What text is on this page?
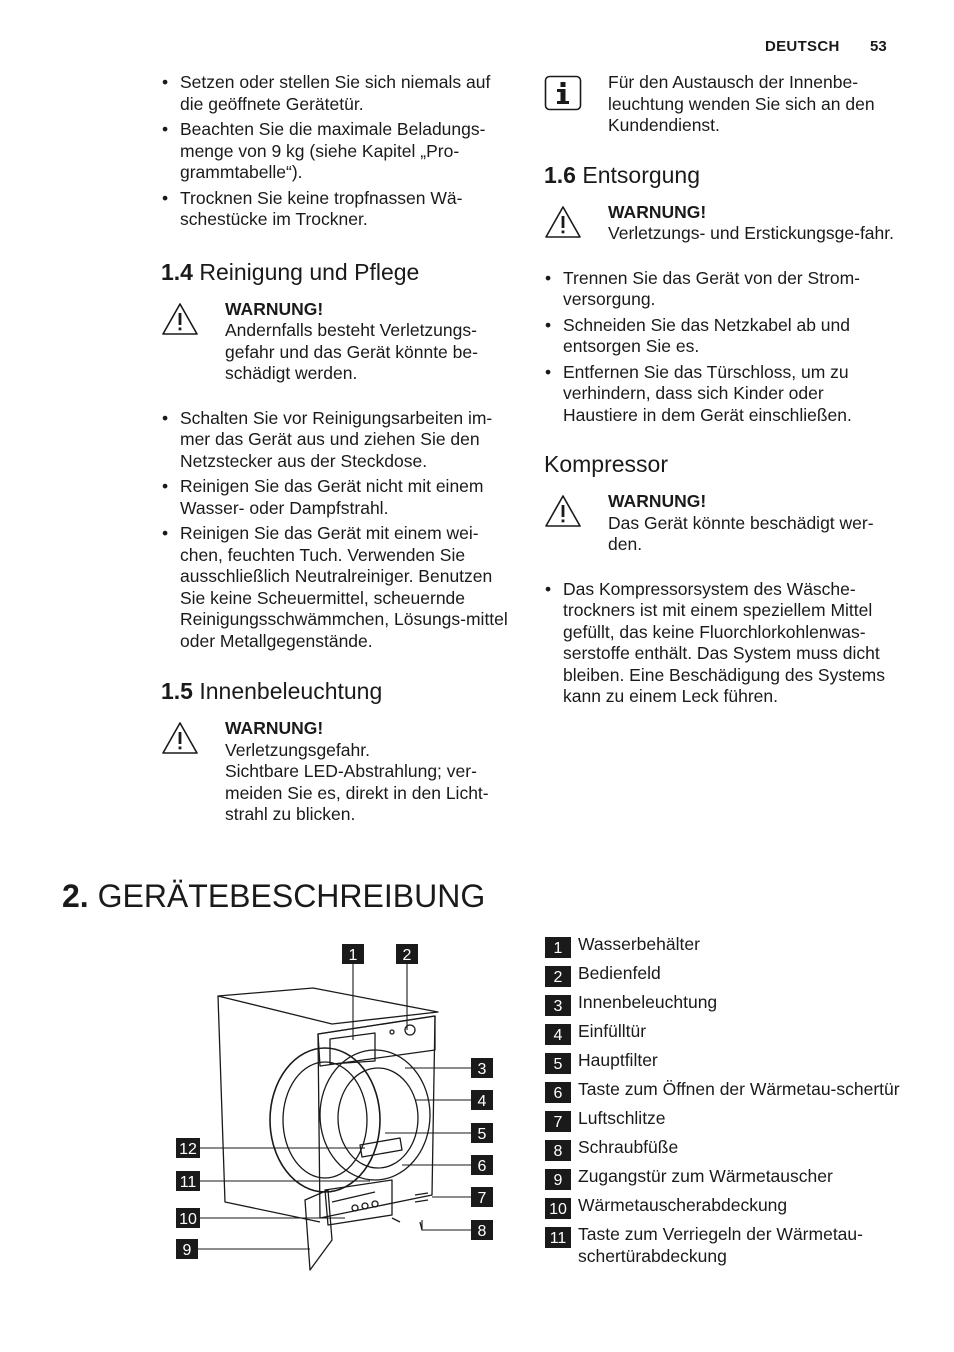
DEUTSCH 53
• Setzen oder stellen Sie sich niemals auf die geöffnete Gerätetür.
• Beachten Sie die maximale Beladungs-menge von 9 kg (siehe Kapitel „Pro-grammtabelle“).
• Trocknen Sie keine tropfnassen Wä-schestücke im Trockner.
1.4 Reinigung und Pflege
WARNUNG!
Andernfalls besteht Verletzungs-gefahr und das Gerät könnte be-schädigt werden.
• Schalten Sie vor Reinigungsarbeiten im-mer das Gerät aus und ziehen Sie den Netzstecker aus der Steckdose.
• Reinigen Sie das Gerät nicht mit einem Wasser- oder Dampfstrahl.
• Reinigen Sie das Gerät mit einem wei-chen, feuchten Tuch. Verwenden Sie ausschließlich Neutralreiniger. Benutzen Sie keine Scheuermittel, scheuernde Reinigungsschwämmchen, Lösungs-mittel oder Metallgegenstände.
1.5 Innenbeleuchtung
WARNUNG!
Verletzungsgefahr.
Sichtbare LED-Abstrahlung; ver-meiden Sie es, direkt in den Licht-strahl zu blicken.
Für den Austausch der Innenbe-leuchtung wenden Sie sich an den Kundendienst.
1.6 Entsorgung
WARNUNG!
Verletzungs- und Erstickungsge-fahr.
• Trennen Sie das Gerät von der Strom-versorgung.
• Schneiden Sie das Netzkabel ab und entsorgen Sie es.
• Entfernen Sie das Türschloss, um zu verhindern, dass sich Kinder oder Haustiere in dem Gerät einschließen.
Kompressor
WARNUNG!
Das Gerät könnte beschädigt wer-den.
• Das Kompressorsystem des Wäsche-trockners ist mit einem speziellem Mittel gefüllt, das keine Fluorchlorkohlenwas-serstoffe enthält. Das System muss dicht bleiben. Eine Beschädigung des Systems kann zu einem Leck führen.
2. GERÄTEBESCHREIBUNG
1	2
3
4
5
6
7
8
9
10
11
12
1 Wasserbehälter
2 Bedienfeld
3 Innenbeleuchtung
4 Einfülltür
5 Hauptfilter
6 Taste zum Öffnen der Wärmetau-schertür
7 Luftschlitze
8 Schraubfüße
9 Zugangstür zum Wärmetauscher
10 Wärmetauscherabdeckung
11 Taste zum Verriegeln der Wärmetau-schertürabdeckung
